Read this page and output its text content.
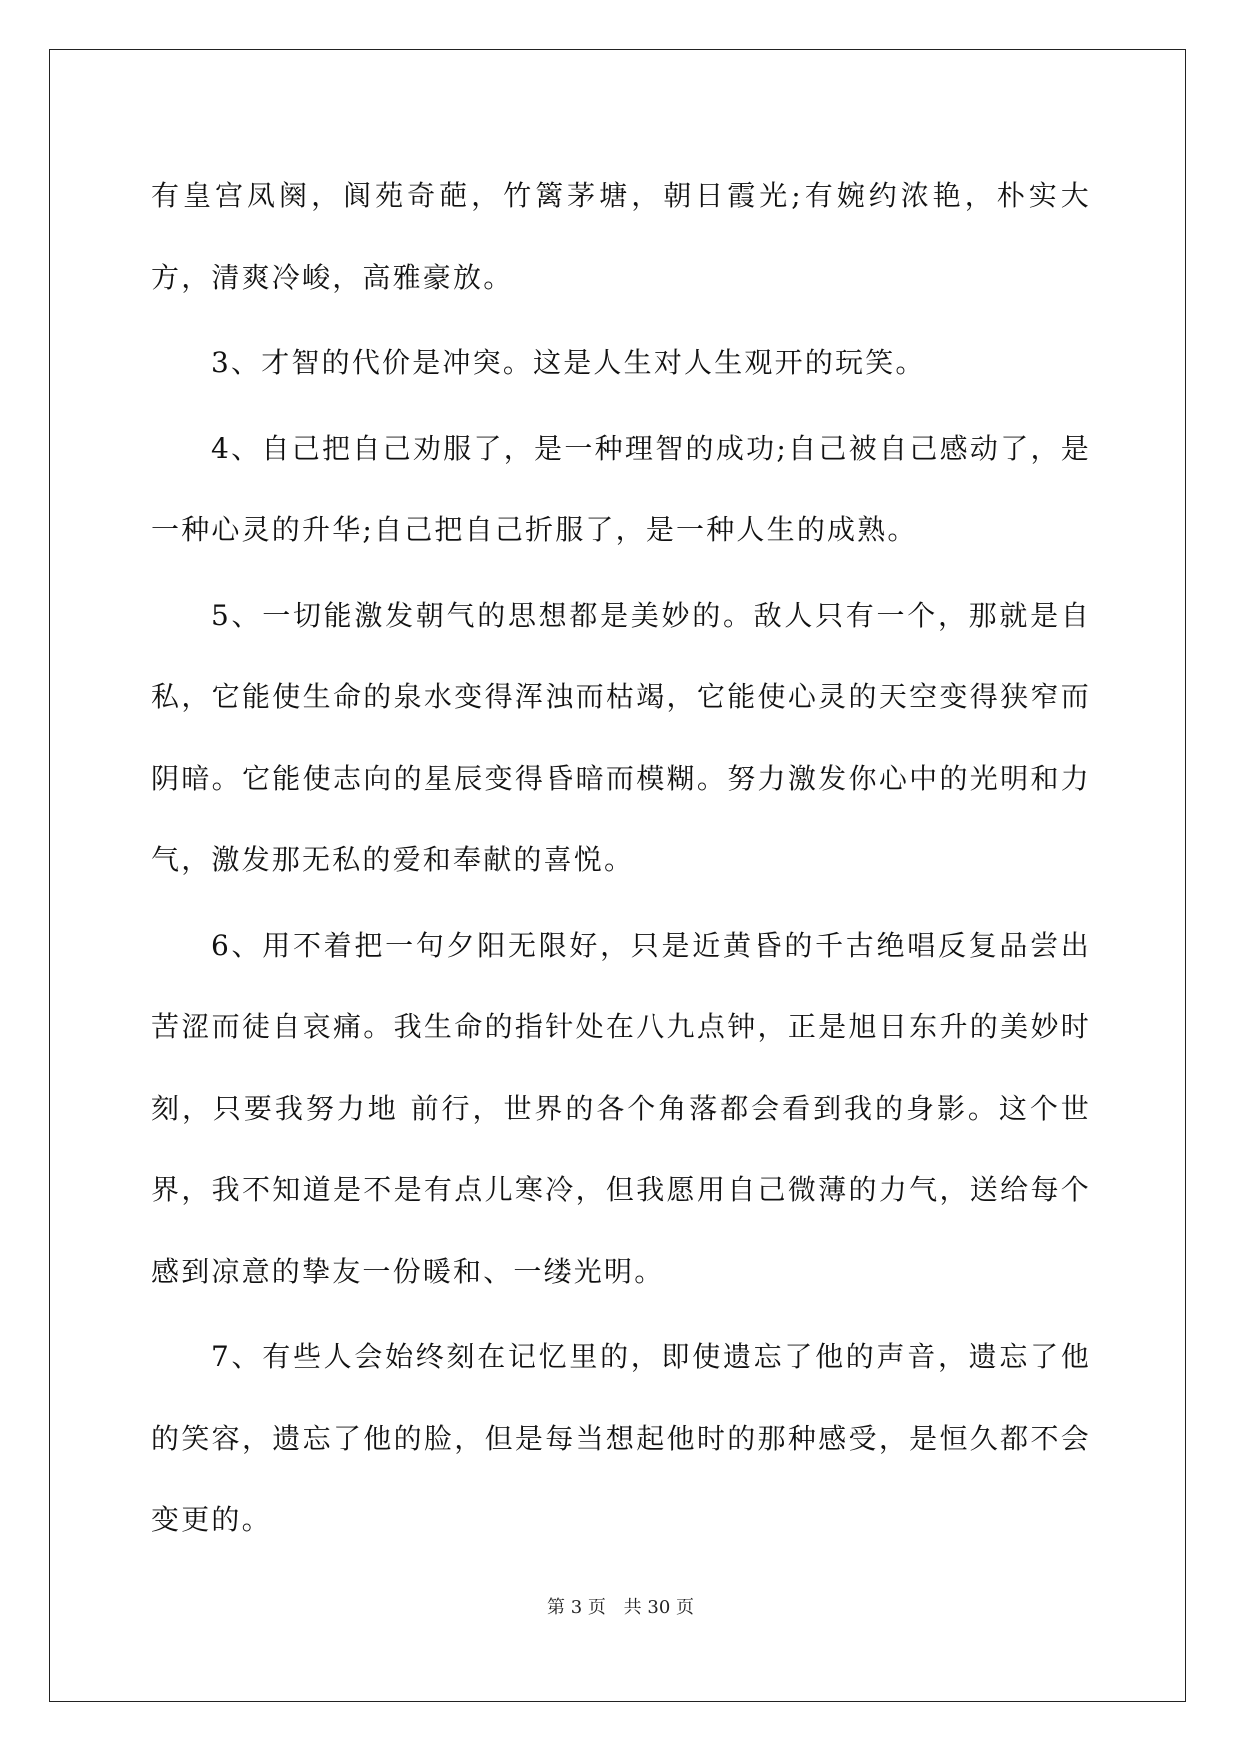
有皇宫凤阕，阆苑奇葩，竹篱茅塘，朝日霞光;有婉约浓艳，朴实大方，清爽冷峻，高雅豪放。

3、才智的代价是冲突。这是人生对人生观开的玩笑。

4、自己把自己劝服了，是一种理智的成功;自己被自己感动了，是一种心灵的升华;自己把自己折服了，是一种人生的成熟。

5、一切能激发朝气的思想都是美妙的。敌人只有一个，那就是自私，它能使生命的泉水变得浑浊而枯竭，它能使心灵的天空变得狭窄而阴暗。它能使志向的星辰变得昏暗而模糊。努力激发你心中的光明和力气，激发那无私的爱和奉献的喜悦。

6、用不着把一句夕阳无限好，只是近黄昏的千古绝唱反复品尝出苦涩而徒自哀痛。我生命的指针处在八九点钟，正是旭日东升的美妙时刻，只要我努力地 前行，世界的各个角落都会看到我的身影。这个世界，我不知道是不是有点儿寒冷，但我愿用自己微薄的力气，送给每个感到凉意的挚友一份暖和、一缕光明。

7、有些人会始终刻在记忆里的，即使遗忘了他的声音，遗忘了他的笑容，遗忘了他的脸，但是每当想起他时的那种感受，是恒久都不会变更的。

第 3 页 共 30 页
